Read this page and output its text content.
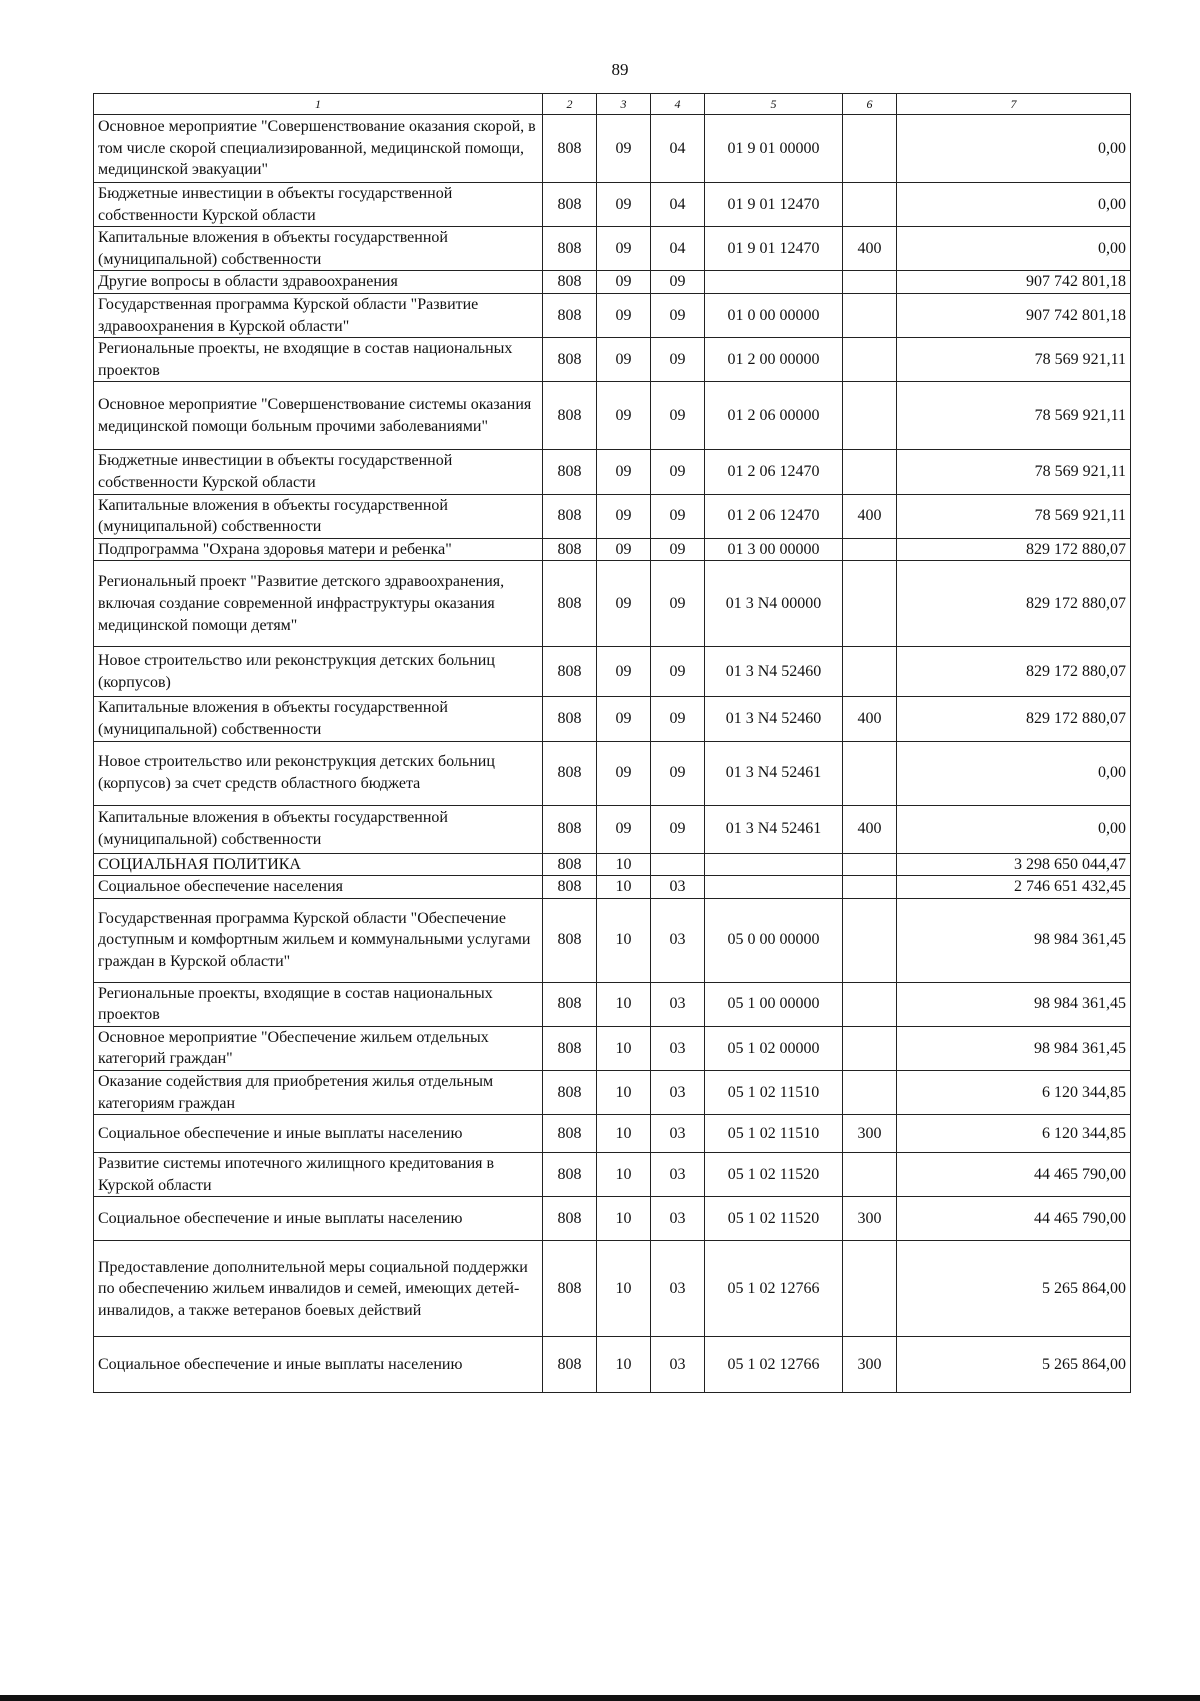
89
1	2	3	4	5	6	7
Основное мероприятие "Совершенствование оказания скорой, в том числе скорой специализированной, медицинской помощи, медицинской эвакуации"	808	09	04	01 9 01 00000		0,00
Бюджетные инвестиции в объекты государственной собственности Курской области	808	09	04	01 9 01 12470		0,00
Капитальные вложения в объекты государственной (муниципальной) собственности	808	09	04	01 9 01 12470	400	0,00
Другие вопросы в области здравоохранения	808	09	09			907 742 801,18
Государственная программа Курской области "Развитие здравоохранения в Курской области"	808	09	09	01 0 00 00000		907 742 801,18
Региональные проекты, не входящие в состав национальных проектов	808	09	09	01 2 00 00000		78 569 921,11
Основное мероприятие "Совершенствование системы оказания медицинской помощи больным прочими заболеваниями"	808	09	09	01 2 06 00000		78 569 921,11
Бюджетные инвестиции в объекты государственной собственности Курской области	808	09	09	01 2 06 12470		78 569 921,11
Капитальные вложения в объекты государственной (муниципальной) собственности	808	09	09	01 2 06 12470	400	78 569 921,11
Подпрограмма "Охрана здоровья матери и ребенка"	808	09	09	01 3 00 00000		829 172 880,07
Региональный проект "Развитие детского здравоохранения, включая создание современной инфраструктуры оказания медицинской помощи детям"	808	09	09	01 3 N4 00000		829 172 880,07
Новое строительство или реконструкция детских больниц (корпусов)	808	09	09	01 3 N4 52460		829 172 880,07
Капитальные вложения в объекты государственной (муниципальной) собственности	808	09	09	01 3 N4 52460	400	829 172 880,07
Новое строительство или реконструкция детских больниц (корпусов) за счет средств областного бюджета	808	09	09	01 3 N4 52461		0,00
Капитальные вложения в объекты государственной (муниципальной) собственности	808	09	09	01 3 N4 52461	400	0,00
СОЦИАЛЬНАЯ ПОЛИТИКА	808	10				3 298 650 044,47
Социальное обеспечение населения	808	10	03			2 746 651 432,45
Государственная программа Курской области "Обеспечение доступным и комфортным жильем и коммунальными услугами граждан в Курской области"	808	10	03	05 0 00 00000		98 984 361,45
Региональные проекты, входящие в состав национальных проектов	808	10	03	05 1 00 00000		98 984 361,45
Основное мероприятие "Обеспечение жильем отдельных категорий граждан"	808	10	03	05 1 02 00000		98 984 361,45
Оказание содействия для приобретения жилья отдельным категориям граждан	808	10	03	05 1 02 11510		6 120 344,85
Социальное обеспечение и иные выплаты населению	808	10	03	05 1 02 11510	300	6 120 344,85
Развитие системы ипотечного жилищного кредитования в Курской области	808	10	03	05 1 02 11520		44 465 790,00
Социальное обеспечение и иные выплаты населению	808	10	03	05 1 02 11520	300	44 465 790,00
Предоставление дополнительной меры социальной поддержки по обеспечению жильем инвалидов и семей, имеющих детей-инвалидов, а также ветеранов боевых действий	808	10	03	05 1 02 12766		5 265 864,00
Социальное обеспечение и иные выплаты населению	808	10	03	05 1 02 12766	300	5 265 864,00
